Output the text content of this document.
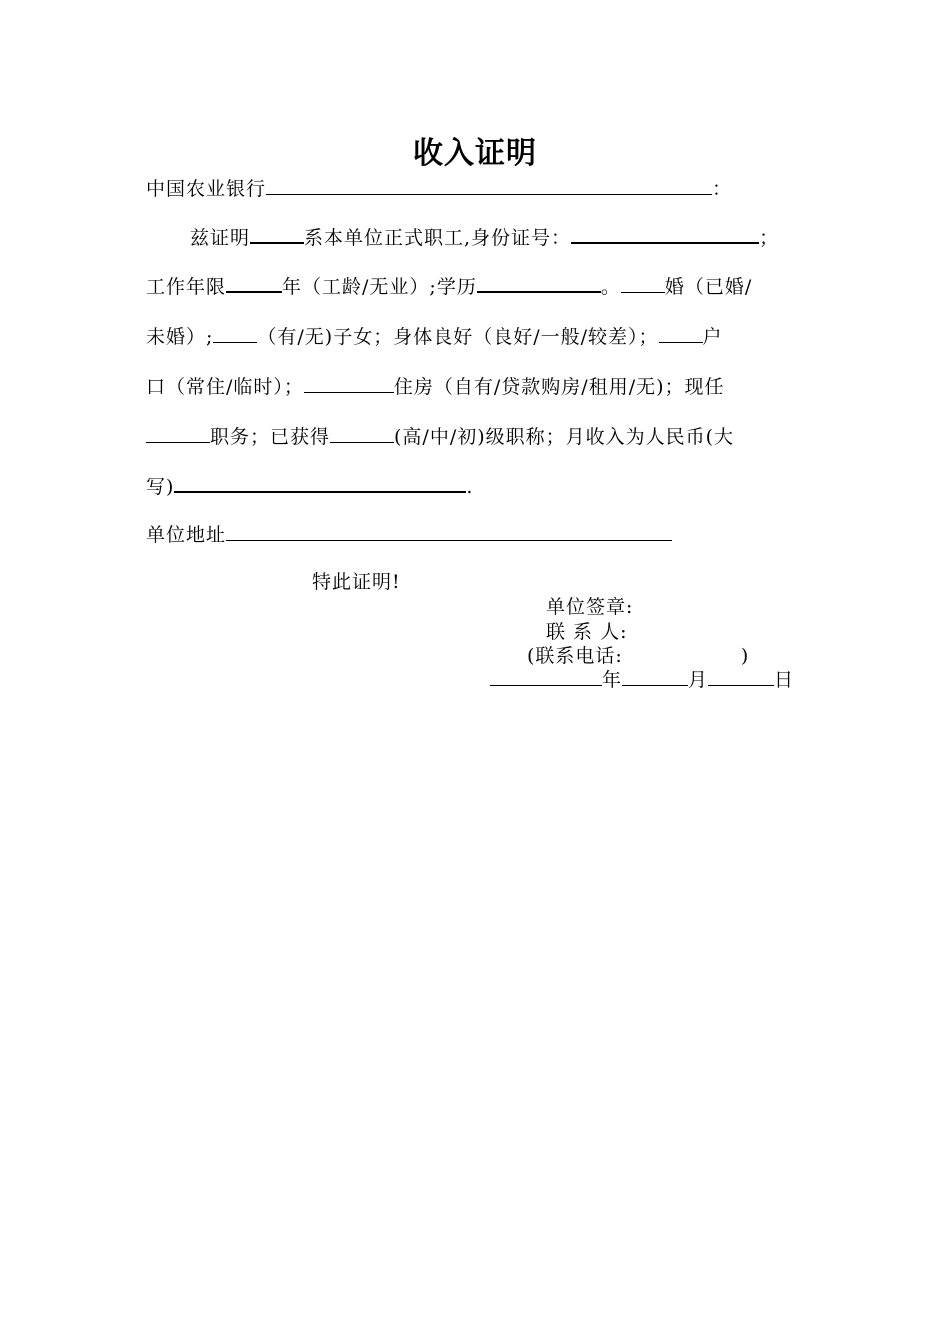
收入证明
中国农业银行	：
兹证明	系本单位正式职工,身份证号：	；
工作年限	年（工龄/无业）;学历	。 婚（已婚/
未婚）; （有/无)子女；身体良好（良好/一般/较差）； 户
口（常住/临时）；	住房（自有/贷款购房/租用/无)；现任
职务；已获得	(高/中/初)级职称；月收入为人民币(大
写)	.
单位地址
特此证明!
单位签章:
联 系 人:
(联系电话:	)
年	月	日
